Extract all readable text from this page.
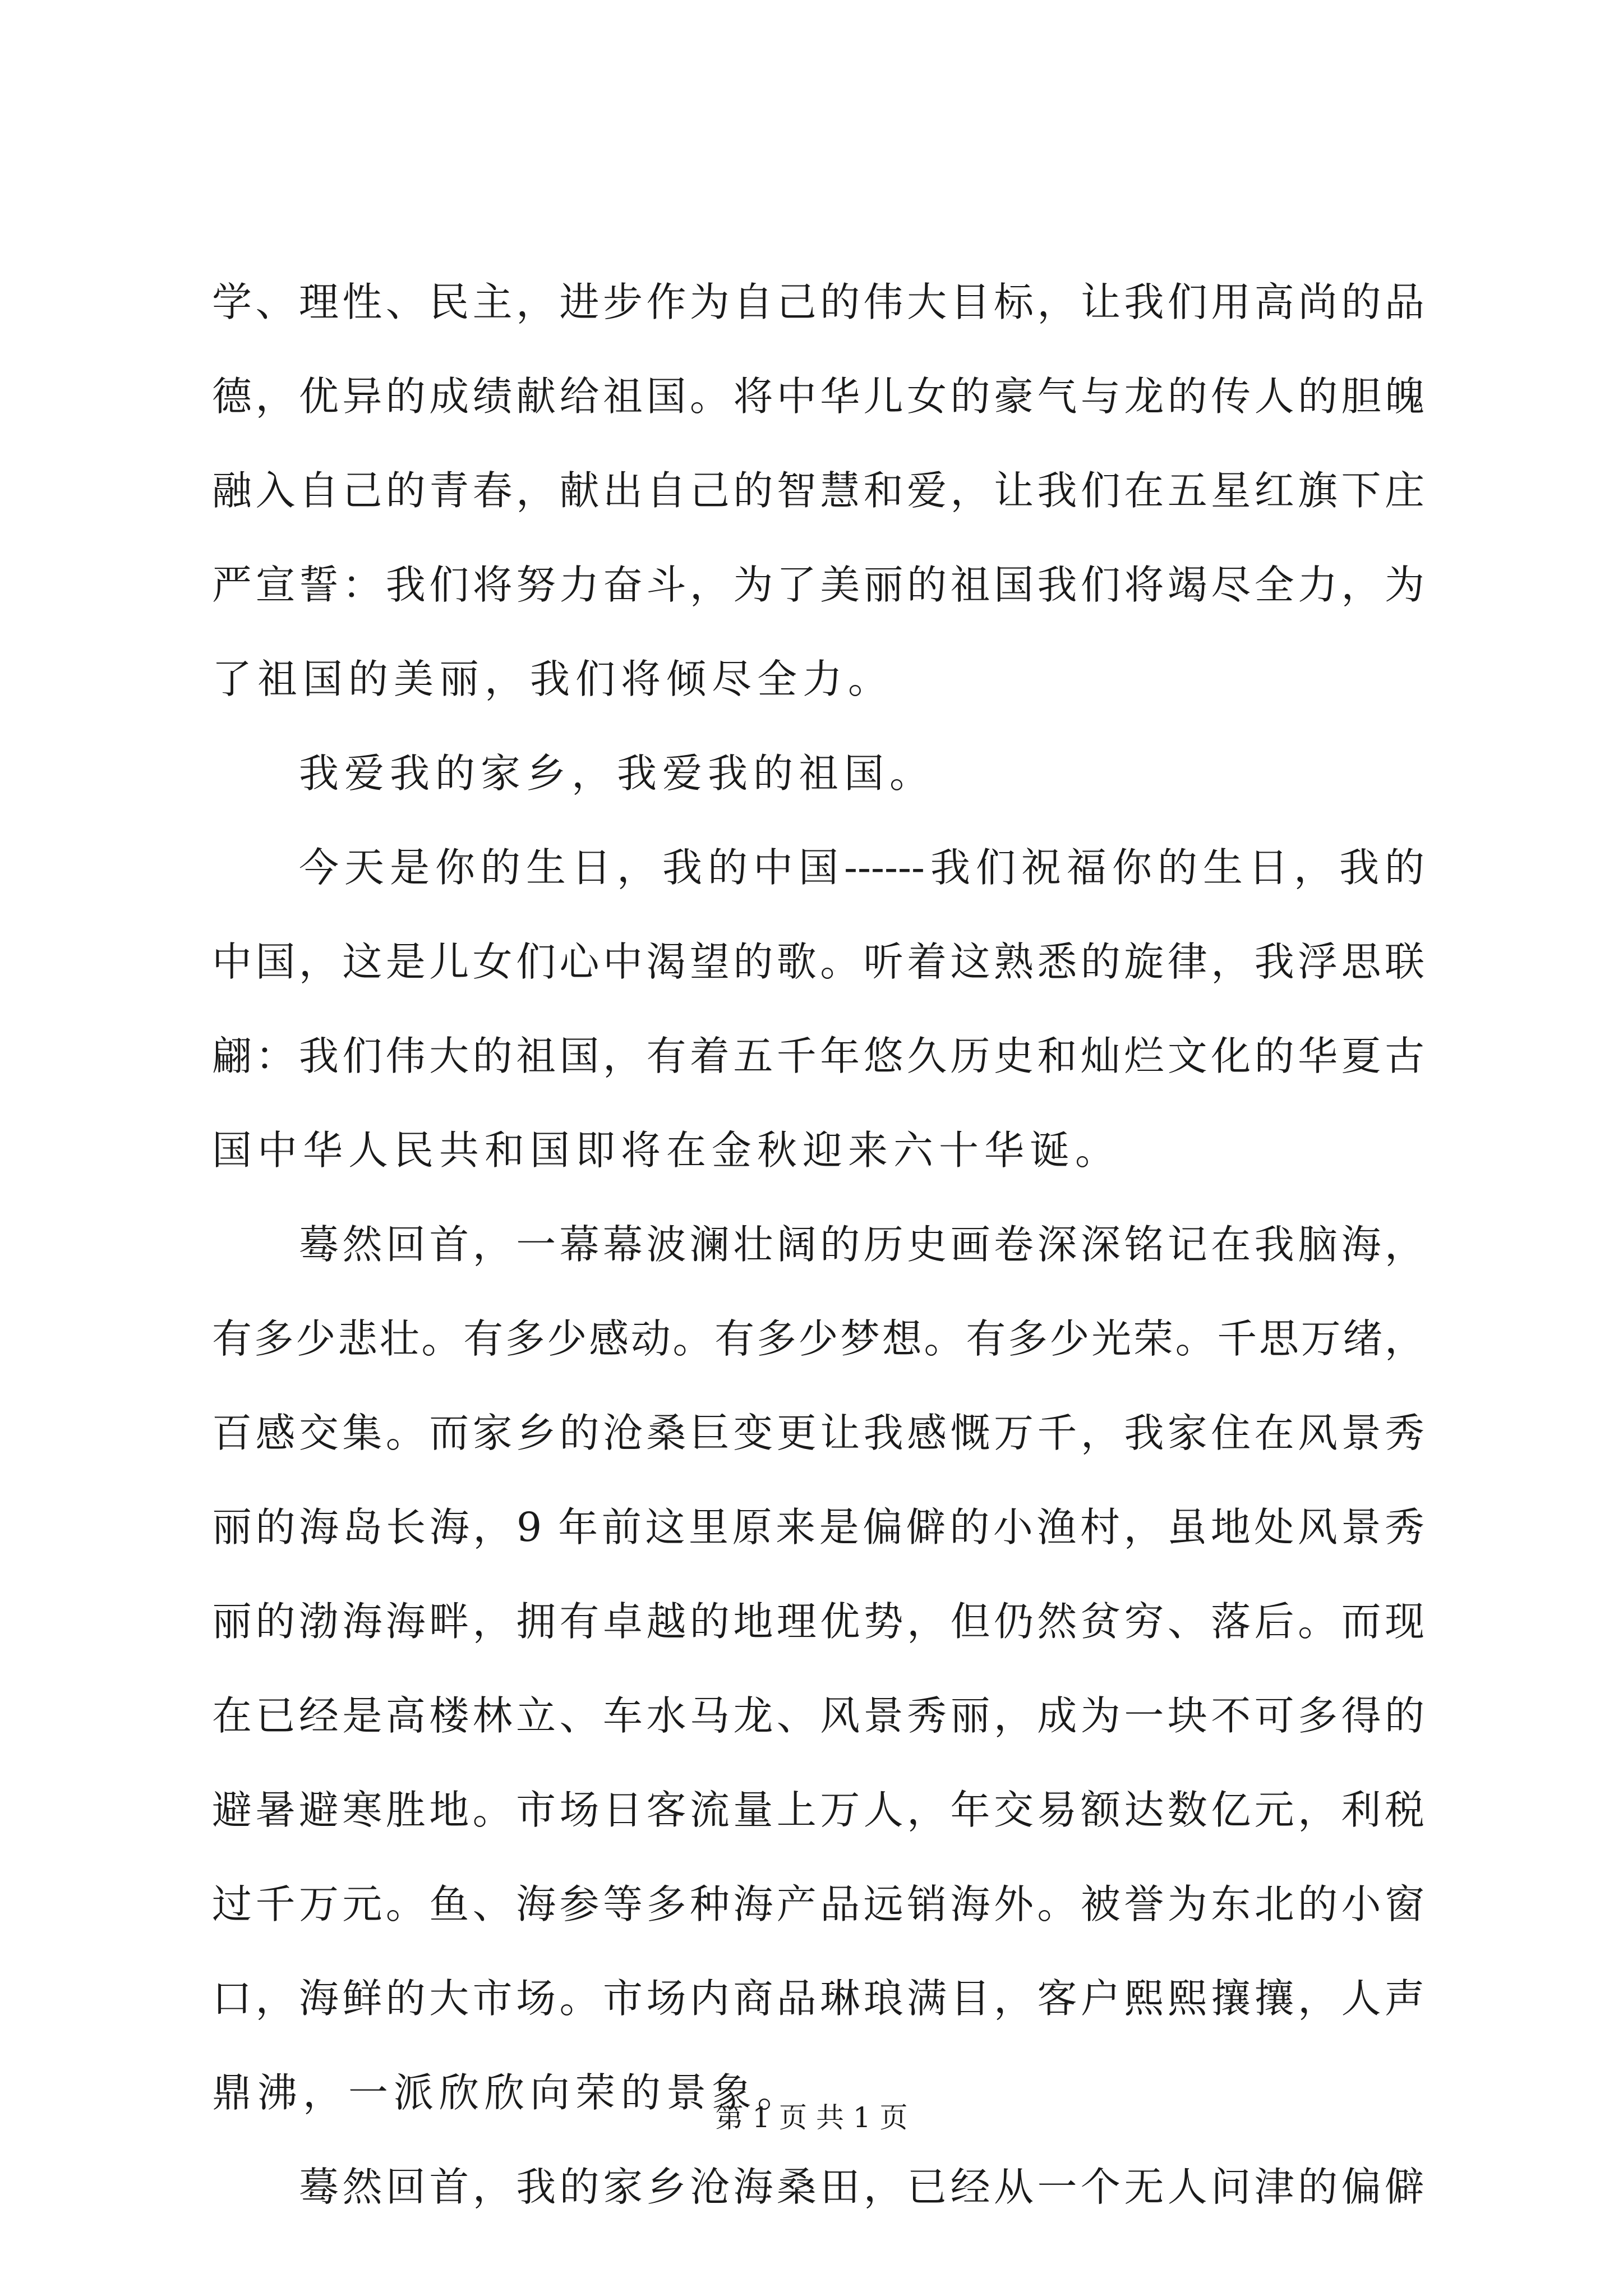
学、理性、民主，进步作为自己的伟大目标，让我们用高尚的品
德，优异的成绩献给祖国。将中华儿女的豪气与龙的传人的胆魄
融入自己的青春，献出自己的智慧和爱，让我们在五星红旗下庄
严宣誓：我们将努力奋斗，为了美丽的祖国我们将竭尽全力，为
了祖国的美丽，我们将倾尽全力。
我爱我的家乡，我爱我的祖国。
今天是你的生日，我的中国------我们祝福你的生日，我的
中国，这是儿女们心中渴望的歌。听着这熟悉的旋律，我浮思联
翩：我们伟大的祖国，有着五千年悠久历史和灿烂文化的华夏古
国中华人民共和国即将在金秋迎来六十华诞。
蓦然回首，一幕幕波澜壮阔的历史画卷深深铭记在我脑海，
有多少悲壮。有多少感动。有多少梦想。有多少光荣。千思万绪，
百感交集。而家乡的沧桑巨变更让我感慨万千，我家住在风景秀
丽的海岛长海，9 年前这里原来是偏僻的小渔村，虽地处风景秀
丽的渤海海畔，拥有卓越的地理优势，但仍然贫穷、落后。而现
在已经是高楼林立、车水马龙、风景秀丽，成为一块不可多得的
避暑避寒胜地。市场日客流量上万人，年交易额达数亿元，利税
过千万元。鱼、海参等多种海产品远销海外。被誉为东北的小窗
口，海鲜的大市场。市场内商品琳琅满目，客户熙熙攘攘，人声
鼎沸，一派欣欣向荣的景象。
蓦然回首，我的家乡沧海桑田，已经从一个无人问津的偏僻
第 1 页 共 1 页
